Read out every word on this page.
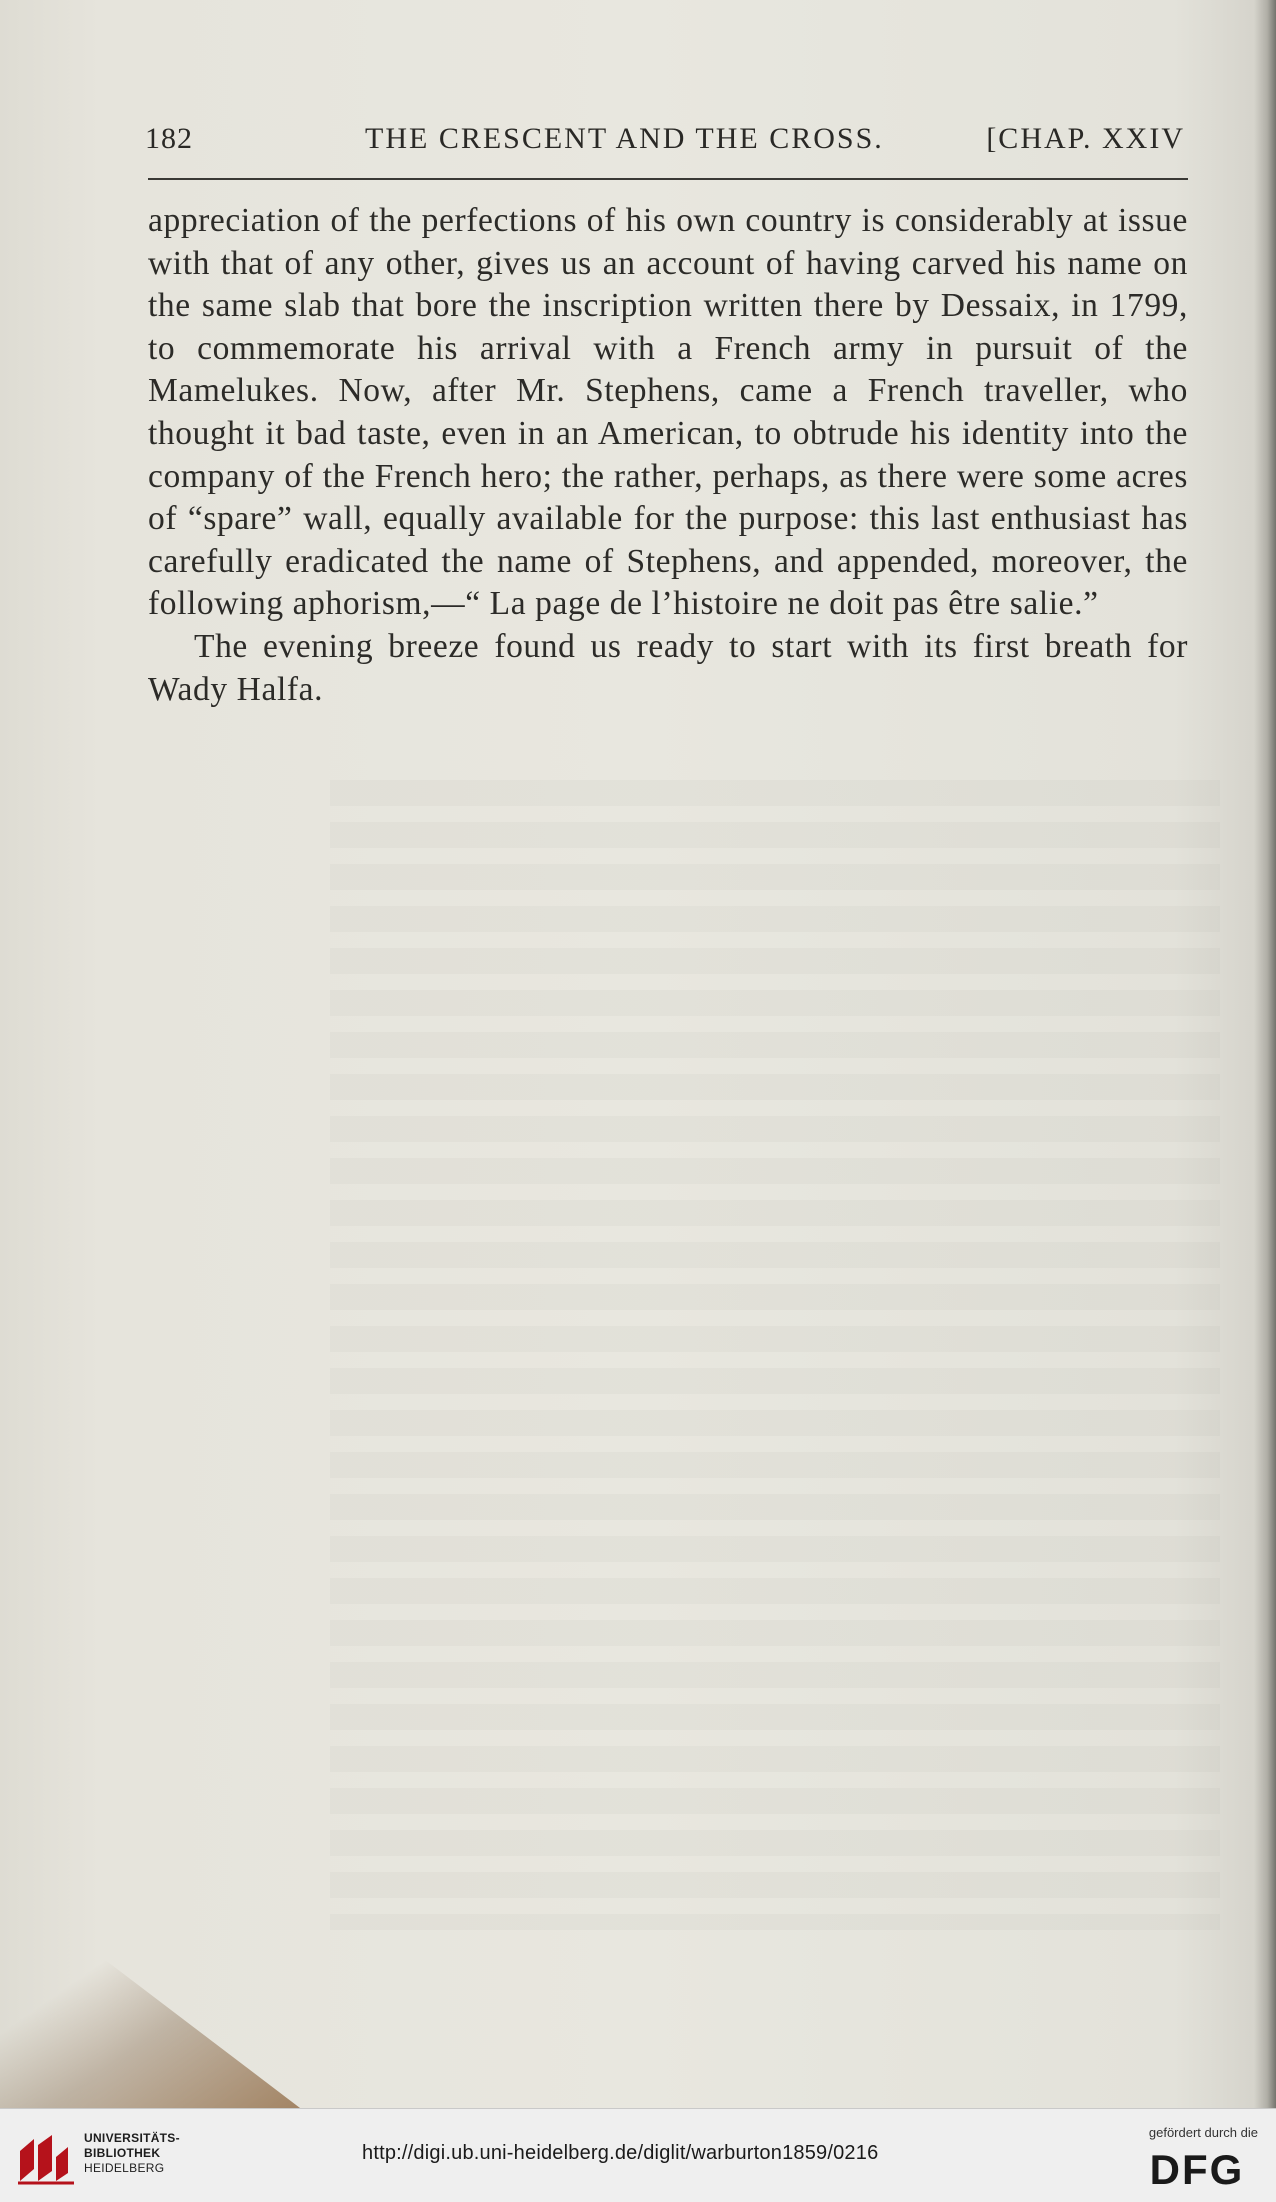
182	THE CRESCENT AND THE CROSS.	[CHAP. XXIV

appreciation of the perfections of his own country is considerably at issue with that of any other, gives us an account of having carved his name on the same slab that bore the inscription written there by Dessaix, in 1799, to commemorate his arrival with a French army in pursuit of the Mamelukes. Now, after Mr. Stephens, came a French traveller, who thought it bad taste, even in an American, to obtrude his identity into the company of the French hero; the rather, perhaps, as there were some acres of “spare” wall, equally available for the purpose: this last enthusiast has carefully eradicated the name of Stephens, and appended, moreover, the following aphorism,—“ La page de l’histoire ne doit pas être salie.”

The evening breeze found us ready to start with its first breath for Wady Halfa.

UNIVERSITÄTS-
BIBLIOTHEK
HEIDELBERG
http://digi.ub.uni-heidelberg.de/diglit/warburton1859/0216
gefördert durch die
DFG
